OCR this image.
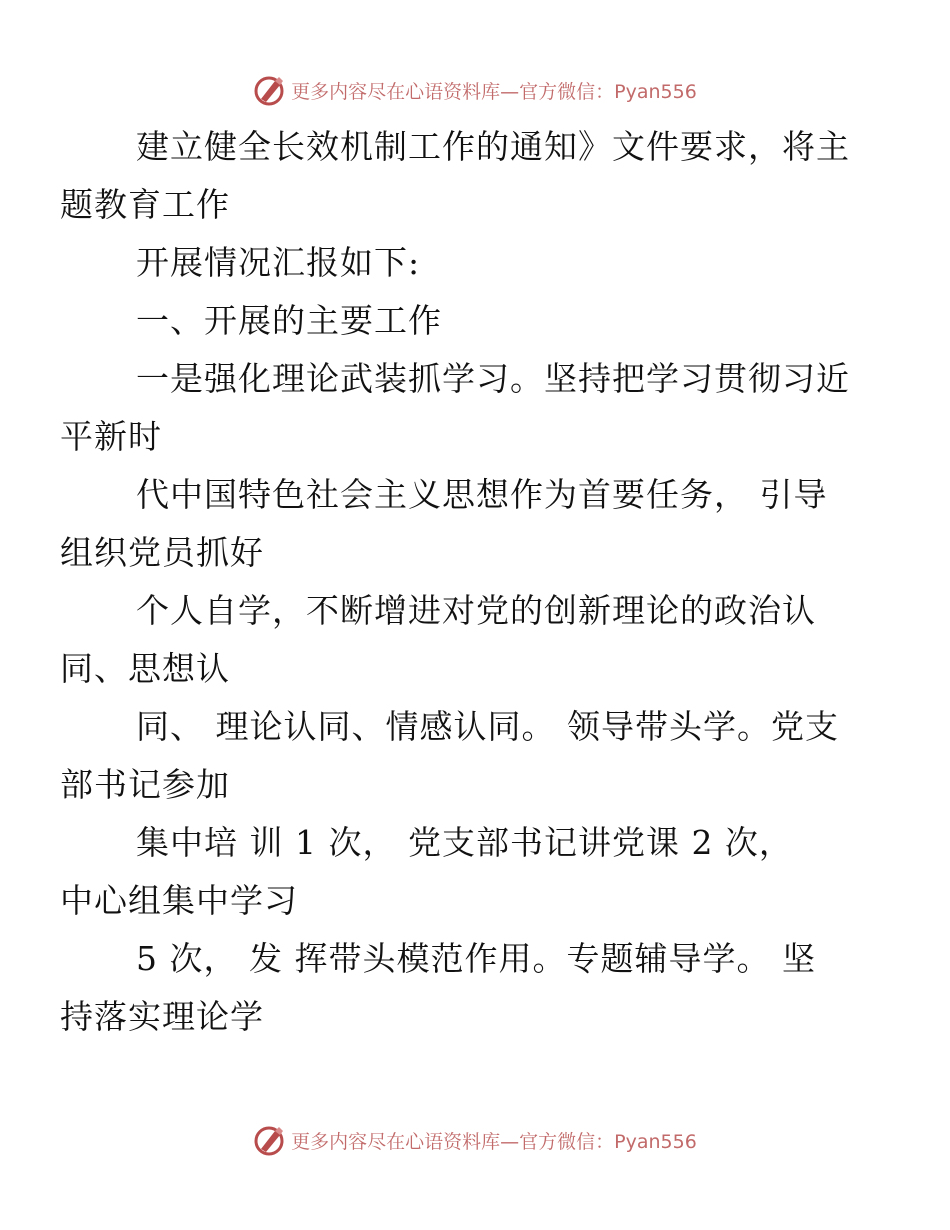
更多内容尽在心语资料库—官方微信：Pyan556

建立健全长效机制工作的通知》文件要求，将主
题教育工作

开展情况汇报如下:

一、开展的主要工作

一是强化理论武装抓学习。坚持把学习贯彻习近
平新时

代中国特色社会主义思想作为首要任务， 引导
组织党员抓好

个人自学，不断增进对党的创新理论的政治认
同、思想认

同、 理论认同、情感认同。 领导带头学。党支
部书记参加

集中培 训 1 次， 党支部书记讲党课 2 次，
中心组集中学习

5 次， 发 挥带头模范作用。专题辅导学。 坚
持落实理论学

更多内容尽在心语资料库—官方微信：Pyan556
